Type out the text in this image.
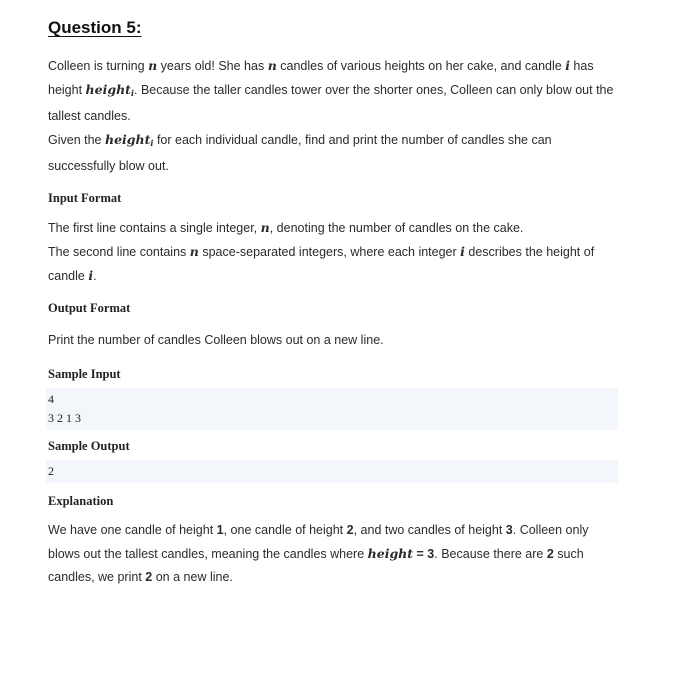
Question 5:

Colleen is turning n years old! She has n candles of various heights on her cake, and candle i has height height$_i$. Because the taller candles tower over the shorter ones, Colleen can only blow out the tallest candles.

Given the height$_i$ for each individual candle, find and print the number of candles she can successfully blow out.

Input Format

The first line contains a single integer, n, denoting the number of candles on the cake.

The second line contains n space-separated integers, where each integer i describes the height of candle i.

Output Format

Print the number of candles Colleen blows out on a new line.

Sample Input
4
3 2 1 3
Sample Output
2
Explanation

We have one candle of height 1, one candle of height 2, and two candles of height 3. Colleen only blows out the tallest candles, meaning the candles where height = 3. Because there are 2 such candles, we print 2 on a new line.
